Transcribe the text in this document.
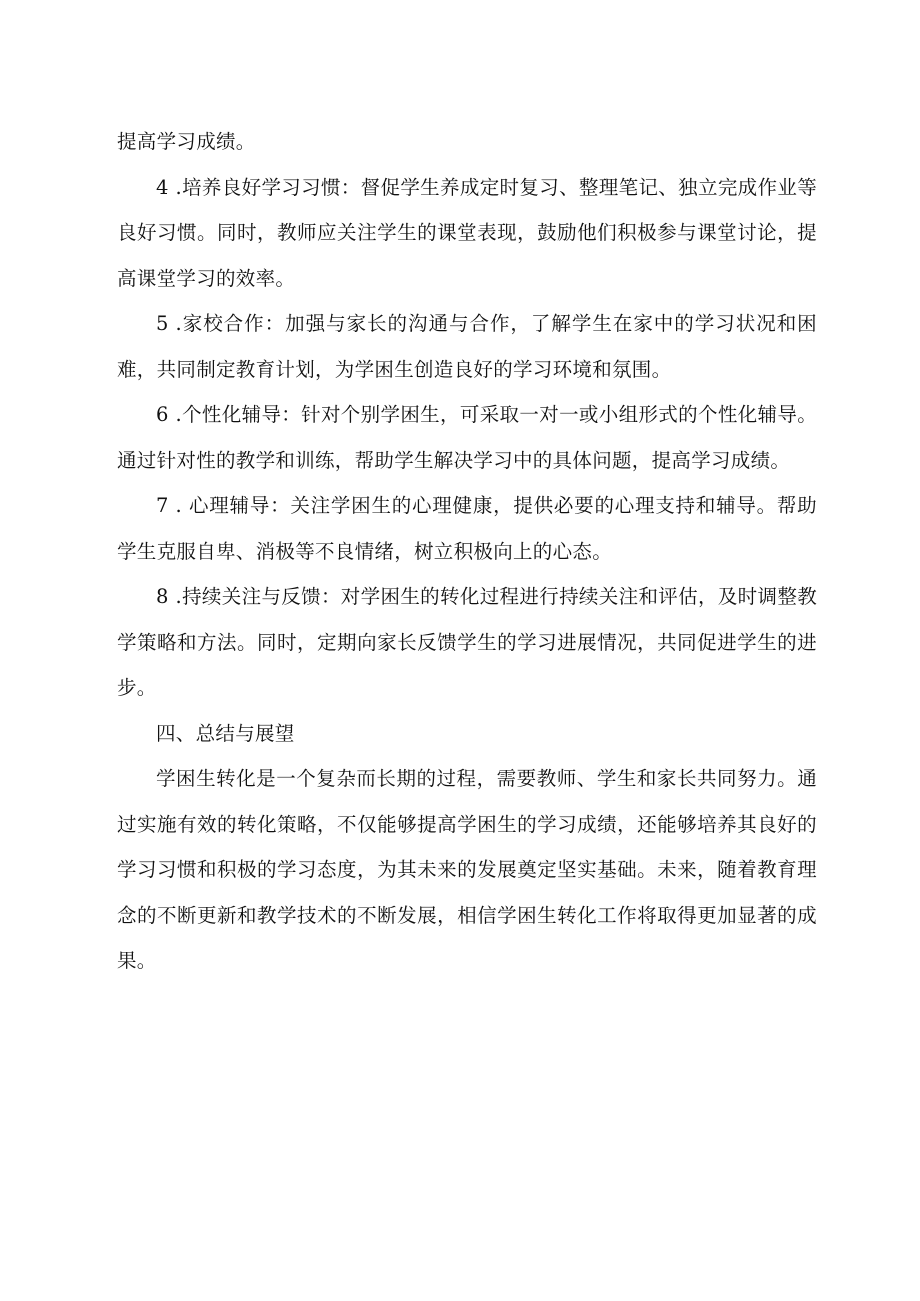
提高学习成绩。

4 .培养良好学习习惯：督促学生养成定时复习、整理笔记、独立完成作业等良好习惯。同时，教师应关注学生的课堂表现，鼓励他们积极参与课堂讨论，提高课堂学习的效率。

5 .家校合作：加强与家长的沟通与合作，了解学生在家中的学习状况和困难，共同制定教育计划，为学困生创造良好的学习环境和氛围。

6 .个性化辅导：针对个别学困生，可采取一对一或小组形式的个性化辅导。通过针对性的教学和训练，帮助学生解决学习中的具体问题，提高学习成绩。

7 . 心理辅导：关注学困生的心理健康，提供必要的心理支持和辅导。帮助学生克服自卑、消极等不良情绪，树立积极向上的心态。

8 .持续关注与反馈：对学困生的转化过程进行持续关注和评估，及时调整教学策略和方法。同时，定期向家长反馈学生的学习进展情况，共同促进学生的进步。

四、总结与展望

学困生转化是一个复杂而长期的过程，需要教师、学生和家长共同努力。通过实施有效的转化策略，不仅能够提高学困生的学习成绩，还能够培养其良好的学习习惯和积极的学习态度，为其未来的发展奠定坚实基础。未来，随着教育理念的不断更新和教学技术的不断发展，相信学困生转化工作将取得更加显著的成果。
